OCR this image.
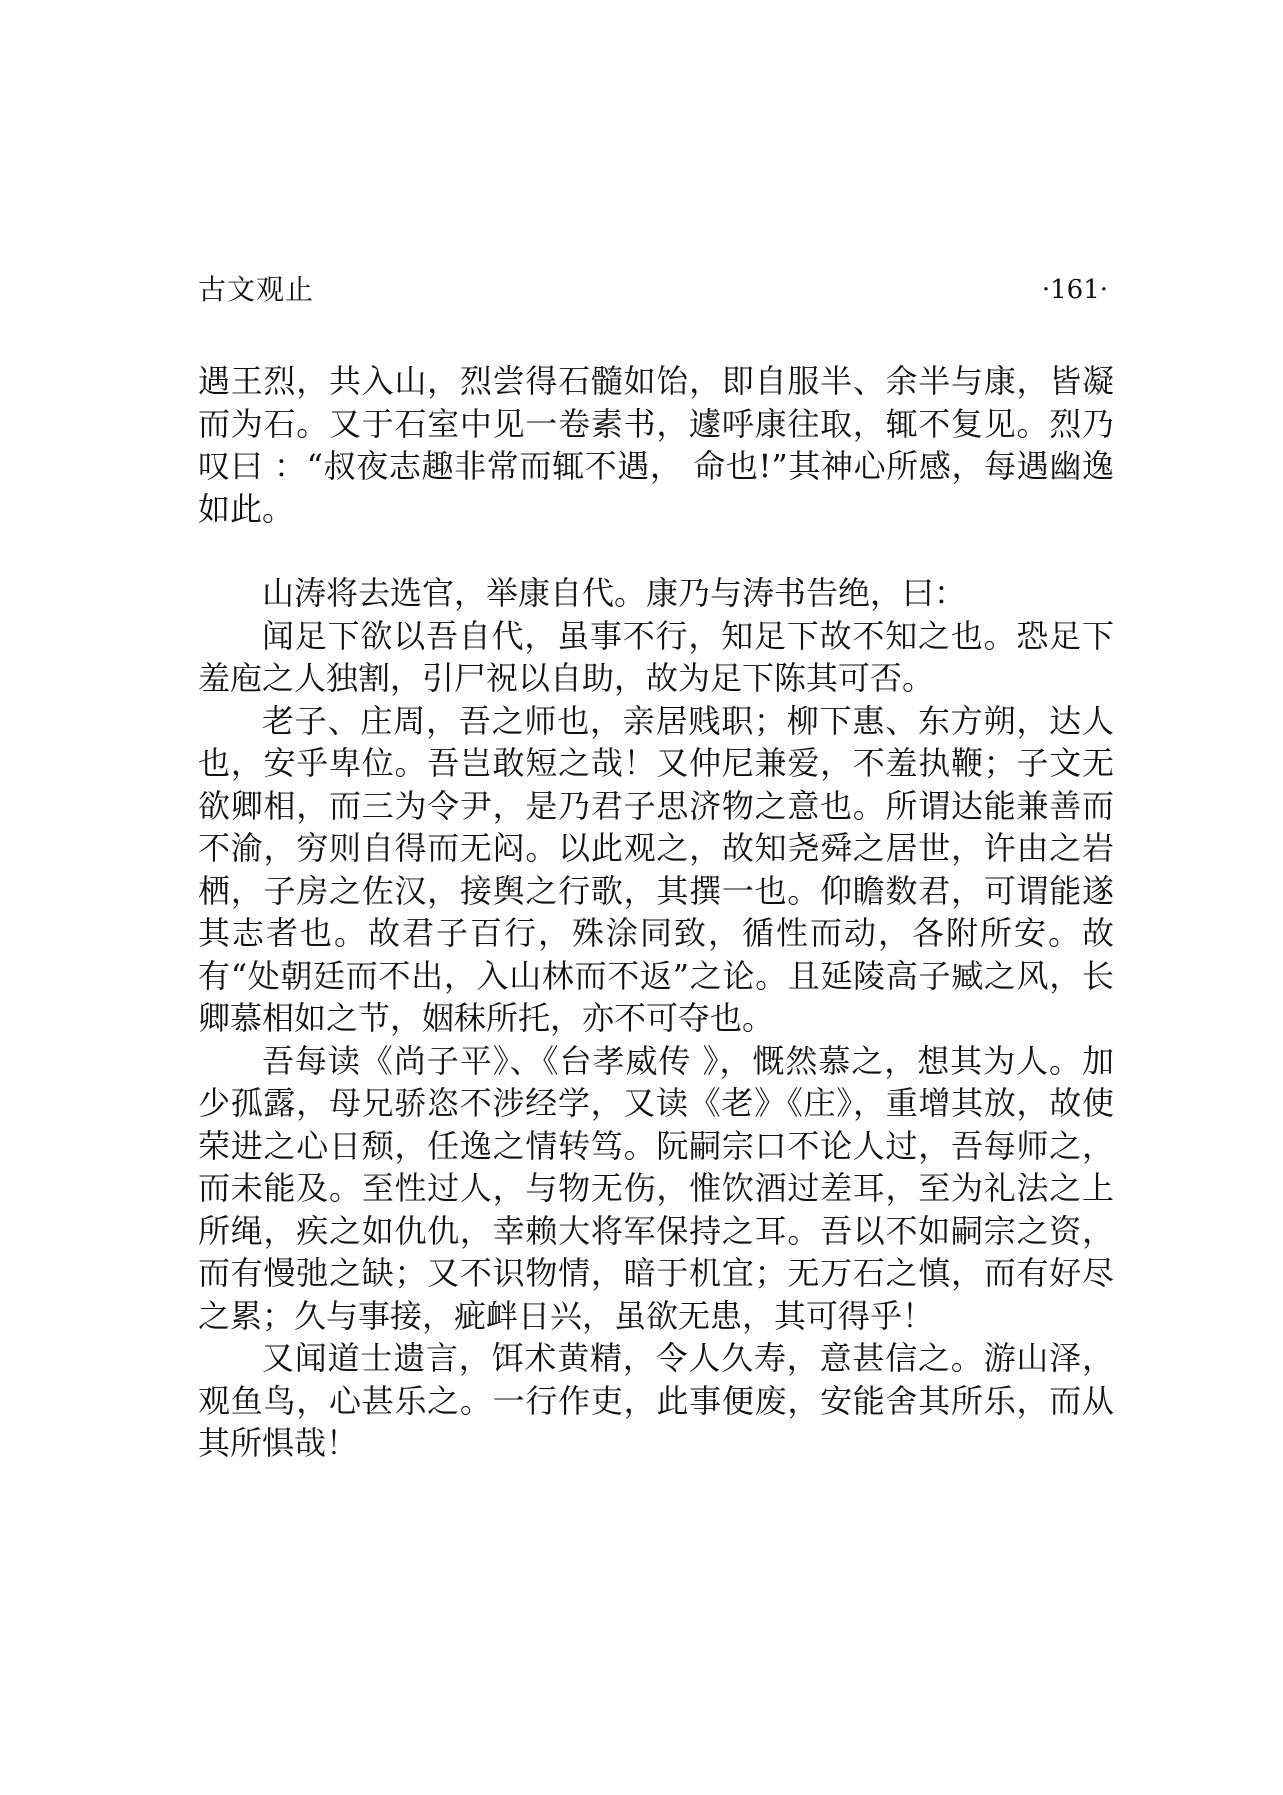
古文观止	·161·

遇王烈，共入山，烈尝得石髓如饴，即自服半、余半与康，皆凝而为石。又于石室中见一卷素书，遽呼康往取，辄不复见。烈乃叹曰 ：“叔夜志趣非常而辄不遇， 命也!”其神心所感，每遇幽逸如此。

山涛将去选官，举康自代。康乃与涛书告绝，曰：

闻足下欲以吾自代，虽事不行，知足下故不知之也。恐足下羞庖之人独割，引尸祝以自助，故为足下陈其可否。

老子、庄周，吾之师也，亲居贱职；柳下惠、东方朔，达人也，安乎卑位。吾岂敢短之哉！又仲尼兼爱，不羞执鞭；子文无欲卿相，而三为令尹，是乃君子思济物之意也。所谓达能兼善而不渝，穷则自得而无闷。以此观之，故知尧舜之居世，许由之岩栖，子房之佐汉，接舆之行歌，其撰一也。仰瞻数君，可谓能遂其志者也。故君子百行，殊涂同致，循性而动，各附所安。故有“处朝廷而不出，入山林而不返”之论。且延陵高子臧之风，长卿慕相如之节，姻秣所托，亦不可夺也。

吾每读《尚子平》、《台孝威传 》，慨然慕之，想其为人。加少孤露，母兄骄恣不涉经学，又读《老》《庄》，重增其放，故使荣进之心日颓，任逸之情转笃。阮嗣宗口不论人过，吾每师之，而未能及。至性过人，与物无伤，惟饮酒过差耳，至为礼法之上所绳，疾之如仇仇，幸赖大将军保持之耳。吾以不如嗣宗之资，而有慢弛之缺；又不识物情，暗于机宜；无万石之慎，而有好尽之累；久与事接，疵衅日兴，虽欲无患，其可得乎！

又闻道士遗言，饵术黄精，令人久寿，意甚信之。游山泽，观鱼鸟，心甚乐之。一行作吏，此事便废，安能舍其所乐，而从其所惧哉！
